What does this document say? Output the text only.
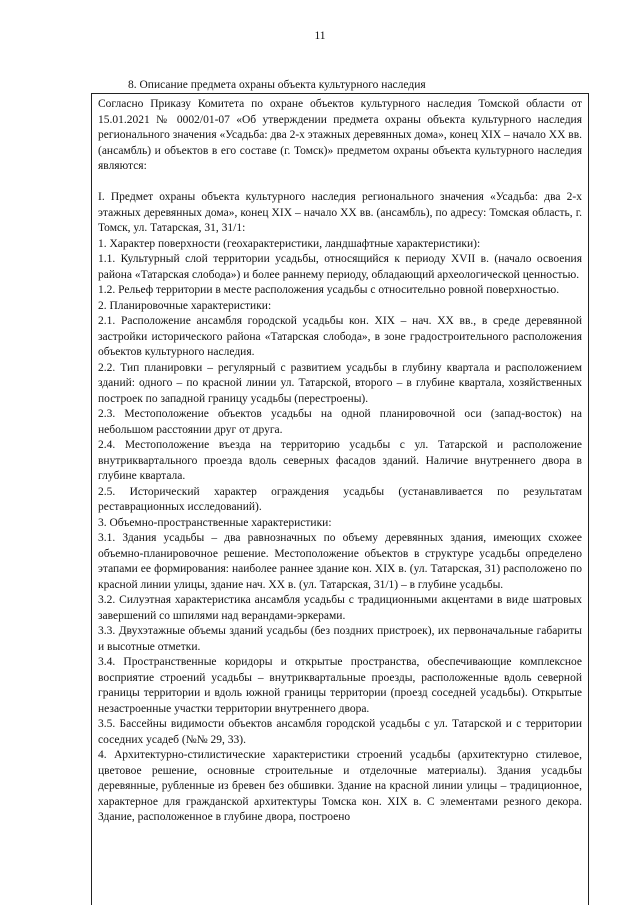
11
8. Описание предмета охраны объекта культурного наследия

Согласно Приказу Комитета по охране объектов культурного наследия Томской области от 15.01.2021 № 0002/01-07 «Об утверждении предмета охраны объекта культурного наследия регионального значения «Усадьба: два 2-х этажных деревянных дома», конец XIX – начало XX вв. (ансамбль) и объектов в его составе (г. Томск)» предметом охраны объекта культурного наследия являются:

I. Предмет охраны объекта культурного наследия регионального значения «Усадьба: два 2-х этажных деревянных дома», конец XIX – начало XX вв. (ансамбль), по адресу: Томская область, г. Томск, ул. Татарская, 31, 31/1:

1. Характер поверхности (геохарактеристики, ландшафтные характеристики):

1.1. Культурный слой территории усадьбы, относящийся к периоду XVII в. (начало освоения района «Татарская слобода») и более раннему периоду, обладающий археологической ценностью.

1.2. Рельеф территории в месте расположения усадьбы с относительно ровной поверхностью.

2. Планировочные характеристики:

2.1. Расположение ансамбля городской усадьбы кон. XIX – нач. XX вв., в среде деревянной застройки исторического района «Татарская слобода», в зоне градостроительного расположения объектов культурного наследия.

2.2. Тип планировки – регулярный с развитием усадьбы в глубину квартала и расположением зданий: одного – по красной линии ул. Татарской, второго – в глубине квартала, хозяйственных построек по западной границу усадьбы (перестроены).

2.3. Местоположение объектов усадьбы на одной планировочной оси (запад-восток) на небольшом расстоянии друг от друга.

2.4. Местоположение въезда на территорию усадьбы с ул. Татарской и расположение внутриквартального проезда вдоль северных фасадов зданий. Наличие внутреннего двора в глубине квартала.

2.5. Исторический характер ограждения усадьбы (устанавливается по результатам реставрационных исследований).

3. Объемно-пространственные характеристики:

3.1. Здания усадьбы – два равнозначных по объему деревянных здания, имеющих схожее объемно-планировочное решение. Местоположение объектов в структуре усадьбы определено этапами ее формирования: наиболее раннее здание кон. XIX в. (ул. Татарская, 31) расположено по красной линии улицы, здание нач. XX в. (ул. Татарская, 31/1) – в глубине усадьбы.

3.2. Силуэтная характеристика ансамбля усадьбы с традиционными акцентами в виде шатровых завершений со шпилями над верандами-эркерами.

3.3. Двухэтажные объемы зданий усадьбы (без поздних пристроек), их первоначальные габариты и высотные отметки.

3.4. Пространственные коридоры и открытые пространства, обеспечивающие комплексное восприятие строений усадьбы – внутриквартальные проезды, расположенные вдоль северной границы территории и вдоль южной границы территории (проезд соседней усадьбы). Открытые незастроенные участки территории внутреннего двора.

3.5. Бассейны видимости объектов ансамбля городской усадьбы с ул. Татарской и с территории соседних усадеб (№№ 29, 33).

4. Архитектурно-стилистические характеристики строений усадьбы (архитектурно стилевое, цветовое решение, основные строительные и отделочные материалы). Здания усадьбы деревянные, рубленные из бревен без обшивки. Здание на красной линии улицы – традиционное, характерное для гражданской архитектуры Томска кон. XIX в. С элементами резного декора. Здание, расположенное в глубине двора, построено
